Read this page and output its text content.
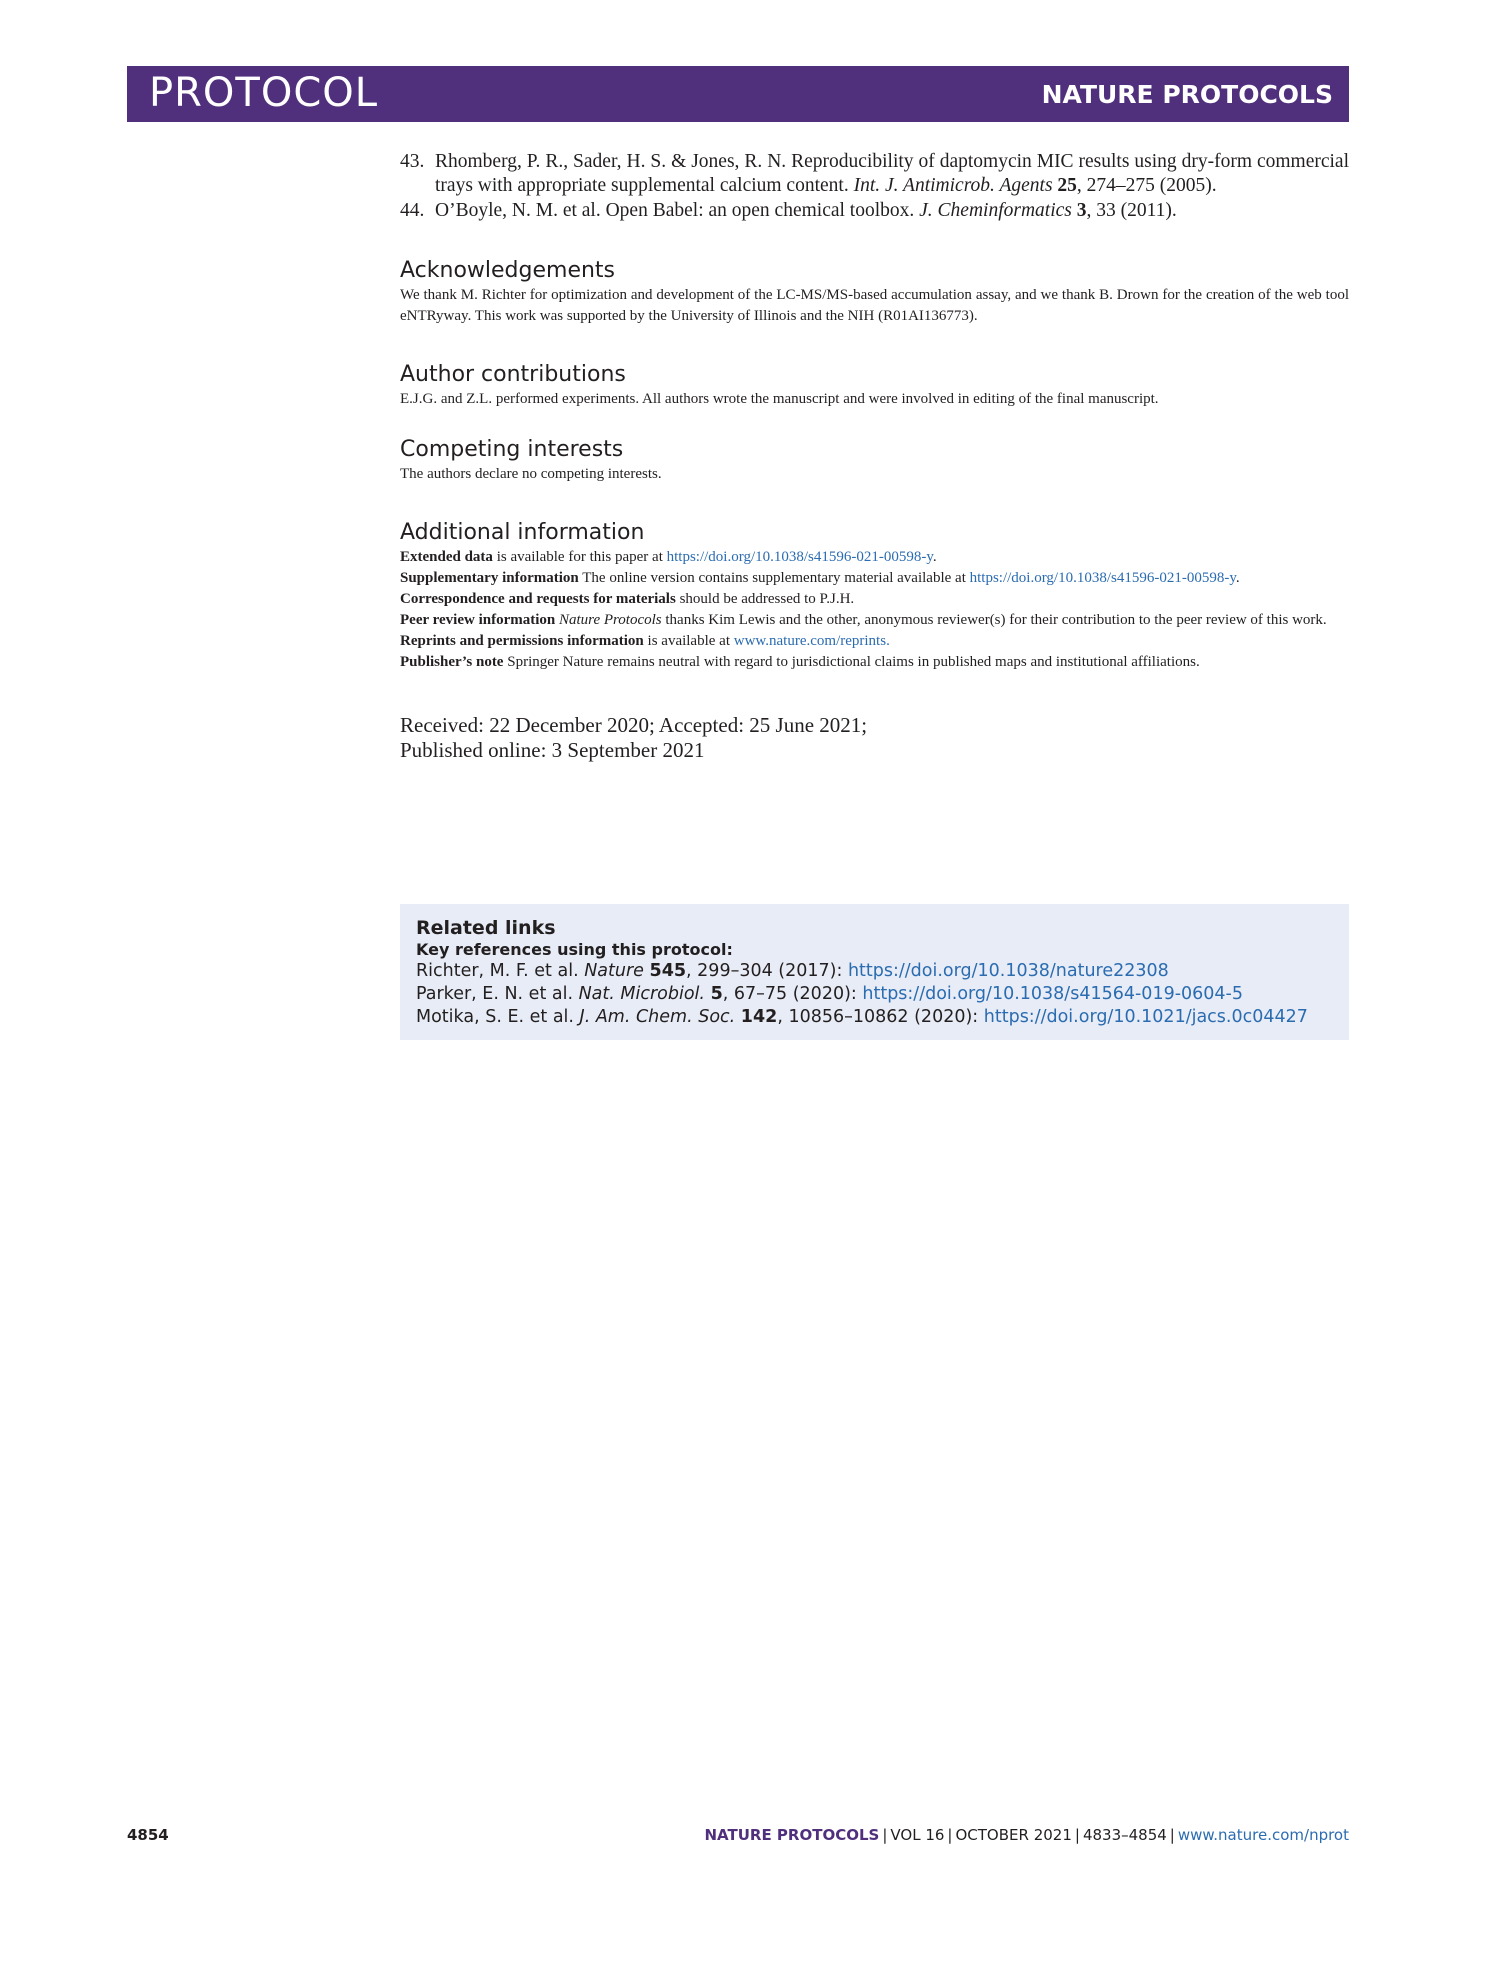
PROTOCOL	NATURE PROTOCOLS
43. Rhomberg, P. R., Sader, H. S. & Jones, R. N. Reproducibility of daptomycin MIC results using dry-form commercial trays with appropriate supplemental calcium content. Int. J. Antimicrob. Agents 25, 274–275 (2005).
44. O’Boyle, N. M. et al. Open Babel: an open chemical toolbox. J. Cheminformatics 3, 33 (2011).
Acknowledgements

We thank M. Richter for optimization and development of the LC-MS/MS-based accumulation assay, and we thank B. Drown for the creation of the web tool eNTRyway. This work was supported by the University of Illinois and the NIH (R01AI136773).

Author contributions

E.J.G. and Z.L. performed experiments. All authors wrote the manuscript and were involved in editing of the final manuscript.

Competing interests

The authors declare no competing interests.

Additional information

Extended data is available for this paper at https://doi.org/10.1038/s41596-021-00598-y.

Supplementary information The online version contains supplementary material available at https://doi.org/10.1038/s41596-021-00598-y.

Correspondence and requests for materials should be addressed to P.J.H.

Peer review information Nature Protocols thanks Kim Lewis and the other, anonymous reviewer(s) for their contribution to the peer review of this work.

Reprints and permissions information is available at www.nature.com/reprints.

Publisher’s note Springer Nature remains neutral with regard to jurisdictional claims in published maps and institutional affiliations.

Received: 22 December 2020; Accepted: 25 June 2021;
Published online: 3 September 2021
Related links
Key references using this protocol:
Richter, M. F. et al. Nature 545, 299–304 (2017): https://doi.org/10.1038/nature22308
Parker, E. N. et al. Nat. Microbiol. 5, 67–75 (2020): https://doi.org/10.1038/s41564-019-0604-5
Motika, S. E. et al. J. Am. Chem. Soc. 142, 10856–10862 (2020): https://doi.org/10.1021/jacs.0c04427
4854	NATURE PROTOCOLS | VOL 16 | OCTOBER 2021 | 4833–4854 | www.nature.com/nprot
